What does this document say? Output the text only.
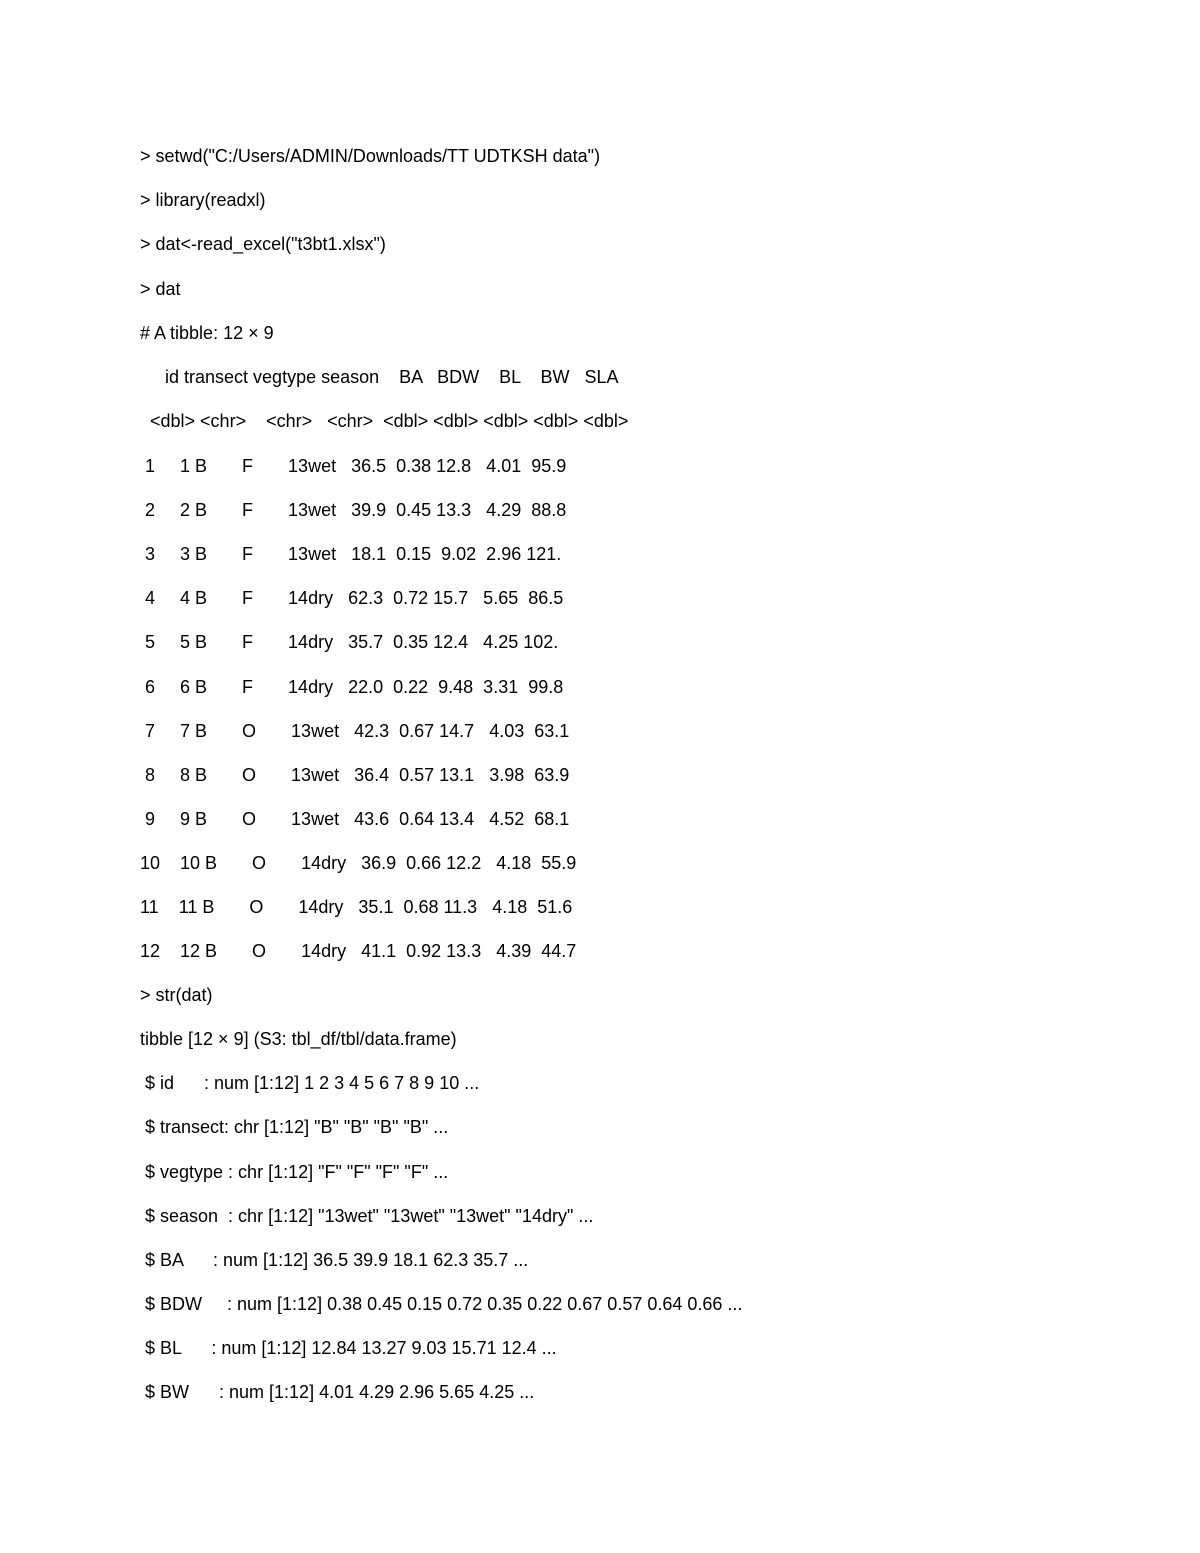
> setwd("C:/Users/ADMIN/Downloads/TT UDTKSH data")
> library(readxl)
> dat<-read_excel("t3bt1.xlsx")
> dat
# A tibble: 12 × 9
id transect vegtype season    BA   BDW    BL    BW   SLA
<dbl> <chr>    <chr>   <chr>  <dbl> <dbl> <dbl> <dbl> <dbl>
1     1 B       F       13wet   36.5  0.38 12.8   4.01  95.9
2     2 B       F       13wet   39.9  0.45 13.3   4.29  88.8
3     3 B       F       13wet   18.1  0.15  9.02  2.96 121.
4     4 B       F       14dry   62.3  0.72 15.7   5.65  86.5
5     5 B       F       14dry   35.7  0.35 12.4   4.25 102.
6     6 B       F       14dry   22.0  0.22  9.48  3.31  99.8
7     7 B       O       13wet   42.3  0.67 14.7   4.03  63.1
8     8 B       O       13wet   36.4  0.57 13.1   3.98  63.9
9     9 B       O       13wet   43.6  0.64 13.4   4.52  68.1
10    10 B       O       14dry   36.9  0.66 12.2   4.18  55.9
11    11 B       O       14dry   35.1  0.68 11.3   4.18  51.6
12    12 B       O       14dry   41.1  0.92 13.3   4.39  44.7
> str(dat)
tibble [12 × 9] (S3: tbl_df/tbl/data.frame)
$ id      : num [1:12] 1 2 3 4 5 6 7 8 9 10 ...
$ transect: chr [1:12] "B" "B" "B" "B" ...
$ vegtype : chr [1:12] "F" "F" "F" "F" ...
$ season  : chr [1:12] "13wet" "13wet" "13wet" "14dry" ...
$ BA      : num [1:12] 36.5 39.9 18.1 62.3 35.7 ...
$ BDW     : num [1:12] 0.38 0.45 0.15 0.72 0.35 0.22 0.67 0.57 0.64 0.66 ...
$ BL      : num [1:12] 12.84 13.27 9.03 15.71 12.4 ...
$ BW      : num [1:12] 4.01 4.29 2.96 5.65 4.25 ...
